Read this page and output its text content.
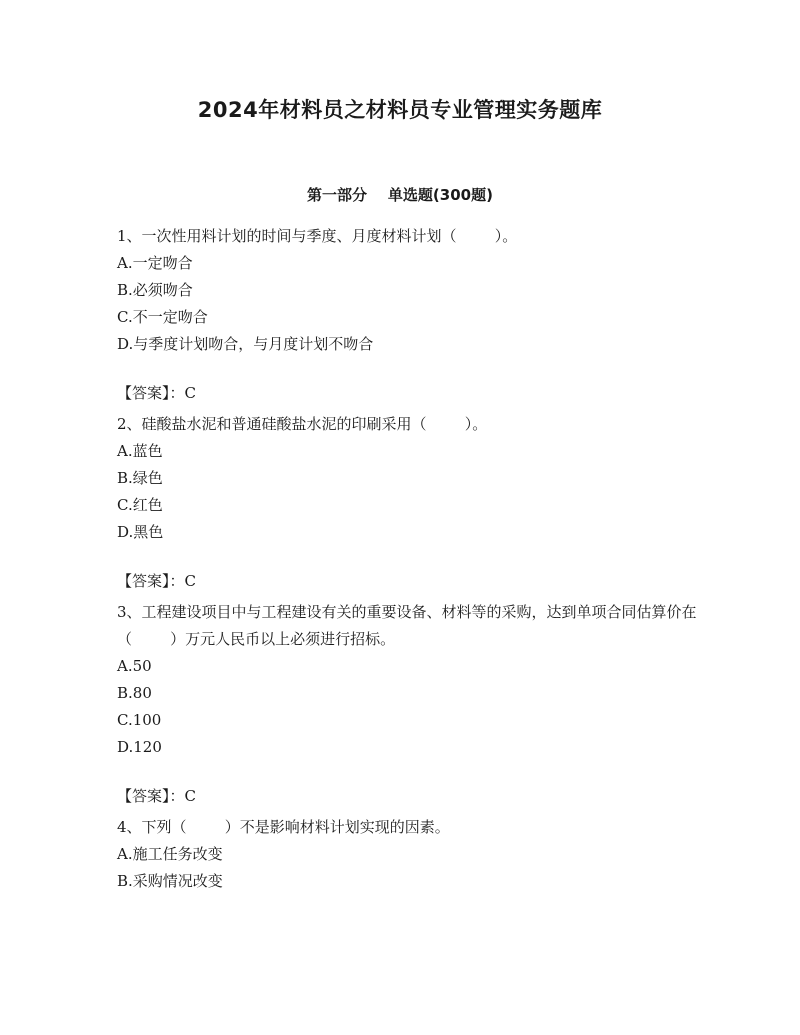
2024年材料员之材料员专业管理实务题库
第一部分    单选题(300题)
1、一次性用料计划的时间与季度、月度材料计划（        ）。
A.一定吻合
B.必须吻合
C.不一定吻合
D.与季度计划吻合，与月度计划不吻合
【答案】：C
2、硅酸盐水泥和普通硅酸盐水泥的印刷采用（        ）。
A.蓝色
B.绿色
C.红色
D.黑色
【答案】：C
3、工程建设项目中与工程建设有关的重要设备、材料等的采购，达到单项合同估算价在（        ）万元人民币以上必须进行招标。
A.50
B.80
C.100
D.120
【答案】：C
4、下列（        ）不是影响材料计划实现的因素。
A.施工任务改变
B.采购情况改变
